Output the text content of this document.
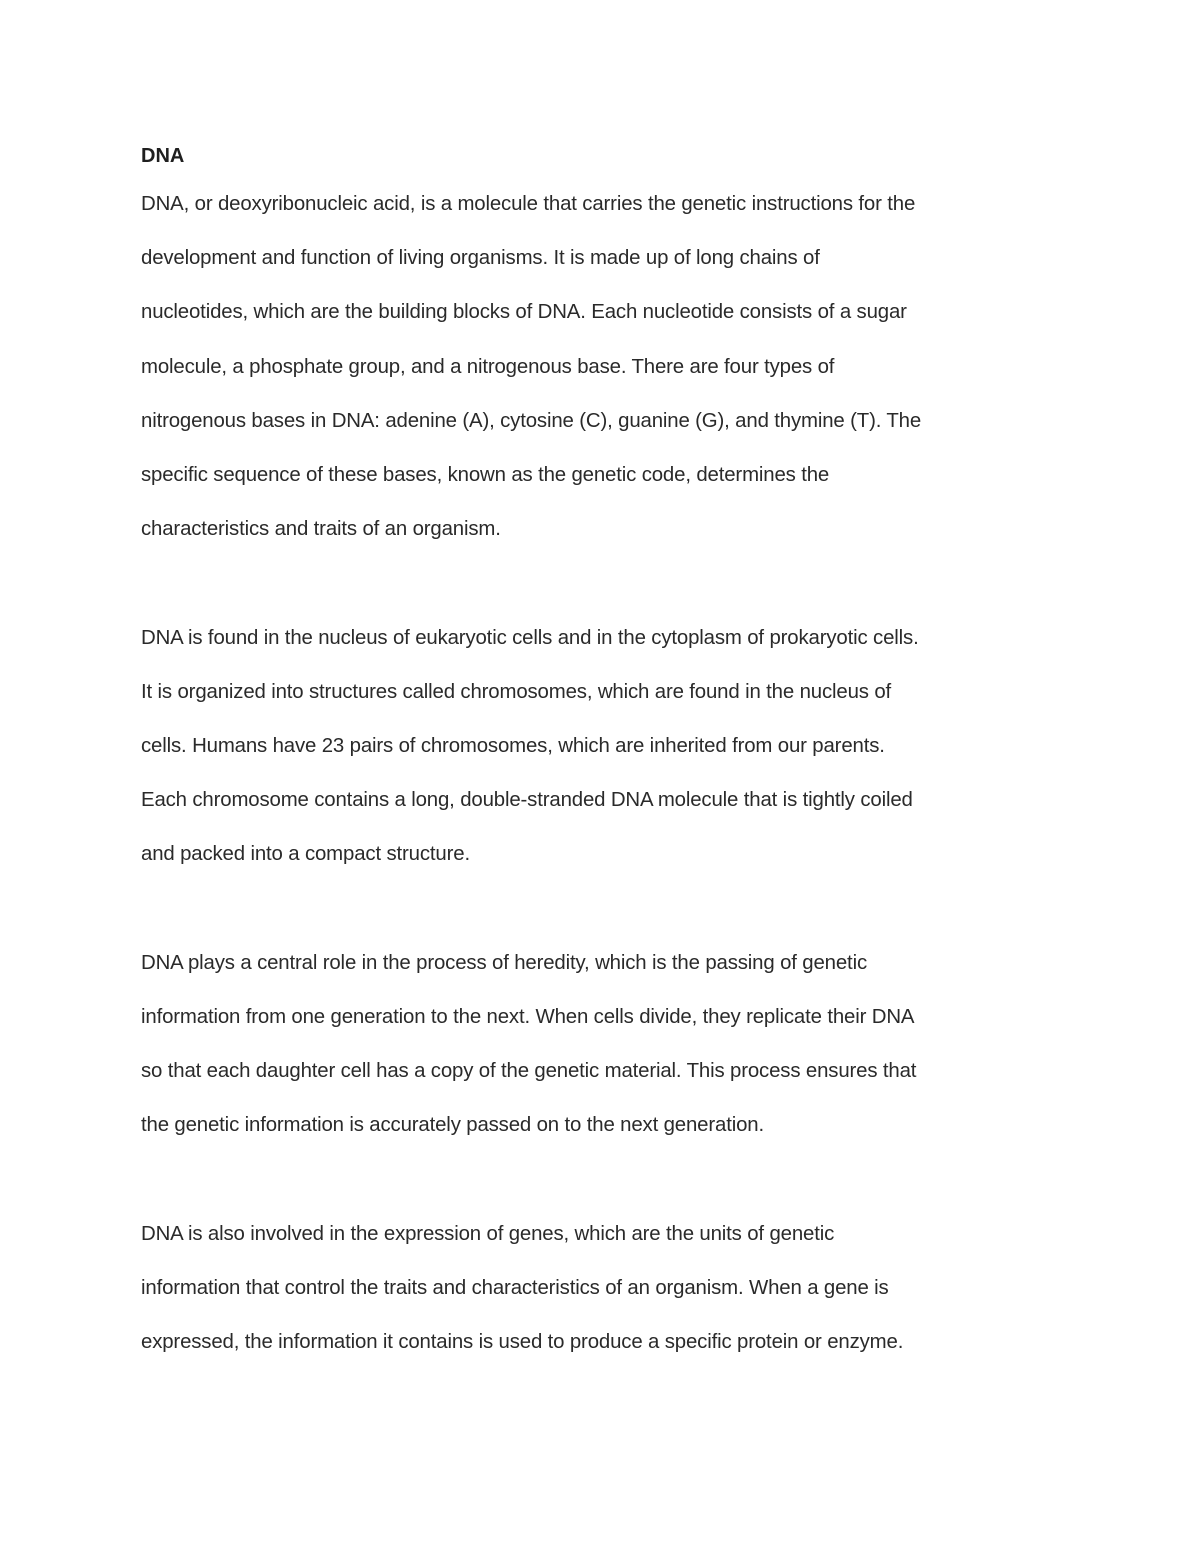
DNA

DNA, or deoxyribonucleic acid, is a molecule that carries the genetic instructions for the
development and function of living organisms. It is made up of long chains of
nucleotides, which are the building blocks of DNA. Each nucleotide consists of a sugar
molecule, a phosphate group, and a nitrogenous base. There are four types of
nitrogenous bases in DNA: adenine (A), cytosine (C), guanine (G), and thymine (T). The
specific sequence of these bases, known as the genetic code, determines the
characteristics and traits of an organism.

DNA is found in the nucleus of eukaryotic cells and in the cytoplasm of prokaryotic cells.
It is organized into structures called chromosomes, which are found in the nucleus of
cells. Humans have 23 pairs of chromosomes, which are inherited from our parents.
Each chromosome contains a long, double-stranded DNA molecule that is tightly coiled
and packed into a compact structure.

DNA plays a central role in the process of heredity, which is the passing of genetic
information from one generation to the next. When cells divide, they replicate their DNA
so that each daughter cell has a copy of the genetic material. This process ensures that
the genetic information is accurately passed on to the next generation.

DNA is also involved in the expression of genes, which are the units of genetic
information that control the traits and characteristics of an organism. When a gene is
expressed, the information it contains is used to produce a specific protein or enzyme.
